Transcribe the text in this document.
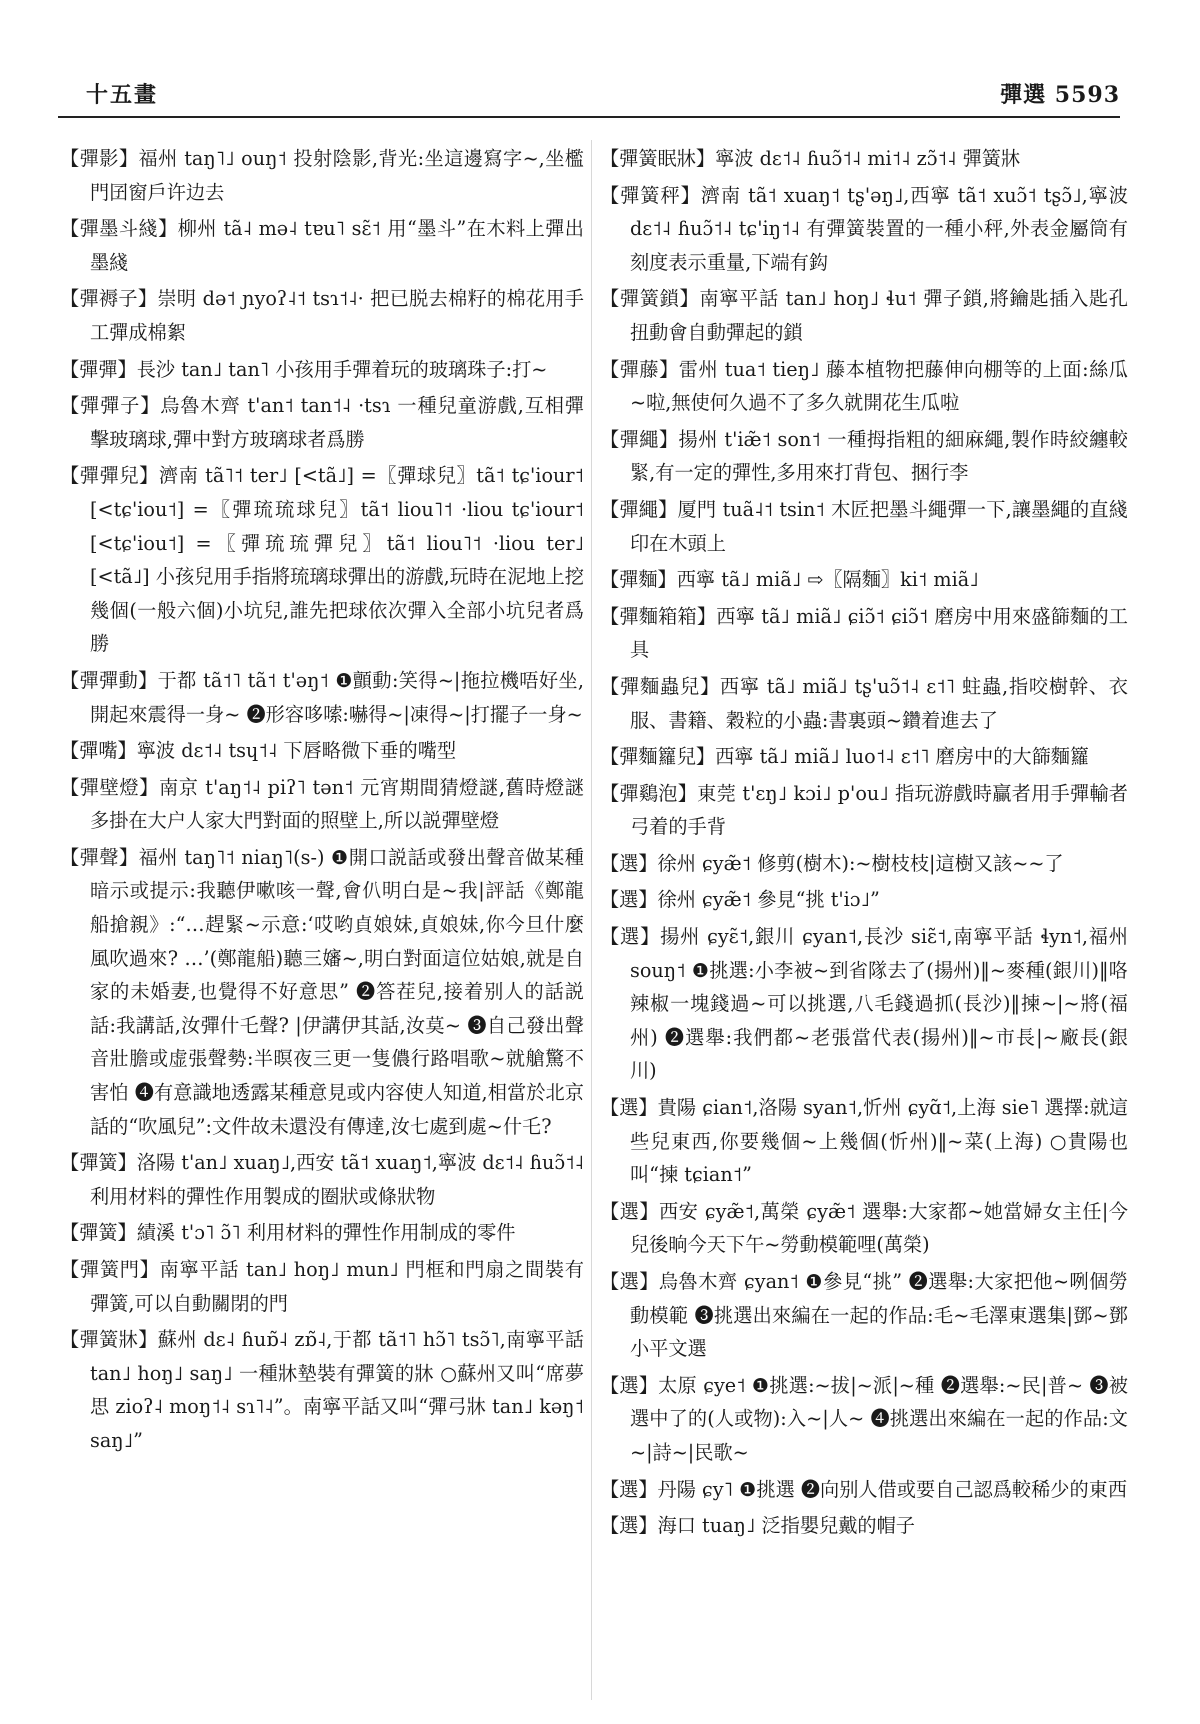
十五畫	彈選 5593

【彈影】福州 taŋ˥˩ ouŋ˦ 投射陰影,背光:坐這邊寫字~,坐檻門囝窗戶许边去

【彈墨斗綫】柳州 tã˨ mə˨ tɐu˥ sɛ̃˦ 用“墨斗”在木料上彈出墨綫

【彈褥子】崇明 də˦ ɲyoʔ˨˦ tsɿ˦˨· 把已脱去棉籽的棉花用手工彈成棉絮

【彈彈】長沙 tan˩ tan˥ 小孩用手彈着玩的玻璃珠子:打~

【彈彈子】烏魯木齊 t'an˦ tan˦˨ ·tsɿ 一種兒童游戲,互相彈擊玻璃球,彈中對方玻璃球者爲勝

【彈彈兒】濟南 tã˥˦ ter˩ [<tã˩] =〖彈球兒〗tã˦ tɕ'iour˦ [<tɕ'iou˦] =〖彈琉琉球兒〗tã˦ liou˥˦ ·liou tɕ'iour˦ [<tɕ'iou˦] =〖彈琉琉彈兒〗tã˦ liou˥˦ ·liou ter˩ [<tã˩] 小孩兒用手指將琉璃球彈出的游戲,玩時在泥地上挖幾個(一般六個)小坑兒,誰先把球依次彈入全部小坑兒者爲勝

【彈彈動】于都 tã˦˥ tã˦ t'əŋ˦ ❶顫動:笑得~|拖拉機唔好坐,開起來震得一身~ ❷形容哆嗦:嚇得~|凍得~|打擺子一身~

【彈嘴】寧波 dɛ˦˨ tsɥ˦˨ 下唇略微下垂的嘴型

【彈壁燈】南京 t'aŋ˦˨ piʔ˥ tən˦ 元宵期間猜燈謎,舊時燈謎多掛在大户人家大門對面的照壁上,所以説彈壁燈

【彈聲】福州 taŋ˥˦ niaŋ˥(s-) ❶開口説話或發出聲音做某種暗示或提示:我聽伊嗽咳一聲,會仈明白是~我|評話《鄭龍船搶親》:“…趕緊~示意:‘哎哟貞娘妹,貞娘妹,你今旦什麼風吹過來? …’(鄭龍船)聽三嬸~,明白對面這位姑娘,就是自家的未婚妻,也覺得不好意思” ❷答茬兒,接着别人的話説話:我講話,汝彈什乇聲? |伊講伊其話,汝莫~ ❸自己發出聲音壯膽或虚張聲勢:半暝夜三更一隻儂行路唱歌~就艙驚不害怕 ❹有意識地透露某種意見或内容使人知道,相當於北京話的“吹風兒”:文件故未還没有傳達,汝七處到處~什乇?

【彈簧】洛陽 t'an˩ xuaŋ˩,西安 tã˦ xuaŋ˦,寧波 dɛ˦˨ ɦuɔ̃˦˨ 利用材料的彈性作用製成的圈狀或條狀物

【彈簧】績溪 t'ɔ˥ ɔ̃˥ 利用材料的彈性作用制成的零件

【彈簧門】南寧平話 tan˩ hoŋ˩ mun˩ 門框和門扇之間裝有彈簧,可以自動關閉的門

【彈簧牀】蘇州 dɛ˨ ɦuɒ̃˨ zɒ̃˨,于都 tã˦˥ hɔ̃˥ tsɔ̃˥,南寧平話 tan˩ hoŋ˩ saŋ˩ 一種牀墊裝有彈簧的牀 ○蘇州又叫“席夢思 zioʔ˨ moŋ˦˨ sɿ˥˨”。南寧平話又叫“彈弓牀 tan˩ kəŋ˦ saŋ˩”

【彈簧眠牀】寧波 dɛ˦˨ ɦuɔ̃˦˨ mi˦˨ zɔ̃˦˨ 彈簧牀

【彈簧秤】濟南 tã˦ xuaŋ˦ tʂ'əŋ˩,西寧 tã˦ xuɔ̃˦ tʂɔ̃˩,寧波 dɛ˦˨ ɦuɔ̃˦˨ tɕ'iŋ˦˨ 有彈簧裝置的一種小秤,外表金屬筒有刻度表示重量,下端有鈎

【彈簧鎖】南寧平話 tan˩ hoŋ˩ ɬu˦ 彈子鎖,將鑰匙插入匙孔扭動會自動彈起的鎖

【彈藤】雷州 tua˦ tieŋ˩ 藤本植物把藤伸向棚等的上面:絲瓜~啦,無使何久過不了多久就開花生瓜啦

【彈繩】揚州 t'iæ̃˦ son˦ 一種拇指粗的細麻繩,製作時絞纏較緊,有一定的彈性,多用來打背包、捆行李

【彈繩】厦門 tuã˨˦ tsin˦ 木匠把墨斗繩彈一下,讓墨繩的直綫印在木頭上

【彈麵】西寧 tã˩ miã˩ ⇨〖隔麵〗ki˦ miã˩

【彈麵箱箱】西寧 tã˩ miã˩ ɕiɔ̃˦ ɕiɔ̃˦ 磨房中用來盛篩麵的工具

【彈麵蟲兒】西寧 tã˩ miã˩ tʂ'uɔ̃˦˨ ɛ˦˥ 蛀蟲,指咬樹幹、衣服、書籍、穀粒的小蟲:書裏頭~鑽着進去了

【彈麵籮兒】西寧 tã˩ miã˩ luo˦˨ ɛ˦˥ 磨房中的大篩麵籮

【彈鷄泡】東莞 t'ɛŋ˩ kɔi˩ p'ou˩ 指玩游戲時贏者用手彈輸者弓着的手背

【選】徐州 ɕyæ̃˦ 修剪(樹木):~樹枝枝|這樹又該~~了

【選】徐州 ɕyæ̃˦ 參見“挑 t'iɔ˩”

【選】揚州 ɕyɛ̃˦,銀川 ɕyan˦,長沙 siɛ̃˦,南寧平話 ɬyn˦,福州 souŋ˦ ❶挑選:小李被~到省隊去了(揚州)‖~麥種(銀川)‖咯辣椒一塊錢過~可以挑選,八毛錢過抓(長沙)‖揀~|~將(福州) ❷選舉:我們都~老張當代表(揚州)‖~市長|~廠長(銀川)

【選】貴陽 ɕian˦,洛陽 syan˦,忻州 ɕyɑ̃˦,上海 sie˥ 選擇:就這些兒東西,你要幾個~上幾個(忻州)‖~菜(上海) ○貴陽也叫“揀 tɕian˦”

【選】西安 ɕyæ̃˦,萬榮 ɕyæ̃˦ 選舉:大家都~她當婦女主任|今兒後晌今天下午~勞動模範哩(萬榮)

【選】烏魯木齊 ɕyan˦ ❶參見“挑” ❷選舉:大家把他~咧個勞動模範 ❸挑選出來編在一起的作品:毛~毛澤東選集|鄧~鄧小平文選

【選】太原 ɕye˦ ❶挑選:~拔|~派|~種 ❷選舉:~民|普~ ❸被選中了的(人或物):入~|人~ ❹挑選出來編在一起的作品:文~|詩~|民歌~

【選】丹陽 ɕy˥ ❶挑選 ❷向别人借或要自己認爲較稀少的東西

【選】海口 tuaŋ˩ 泛指嬰兒戴的帽子
